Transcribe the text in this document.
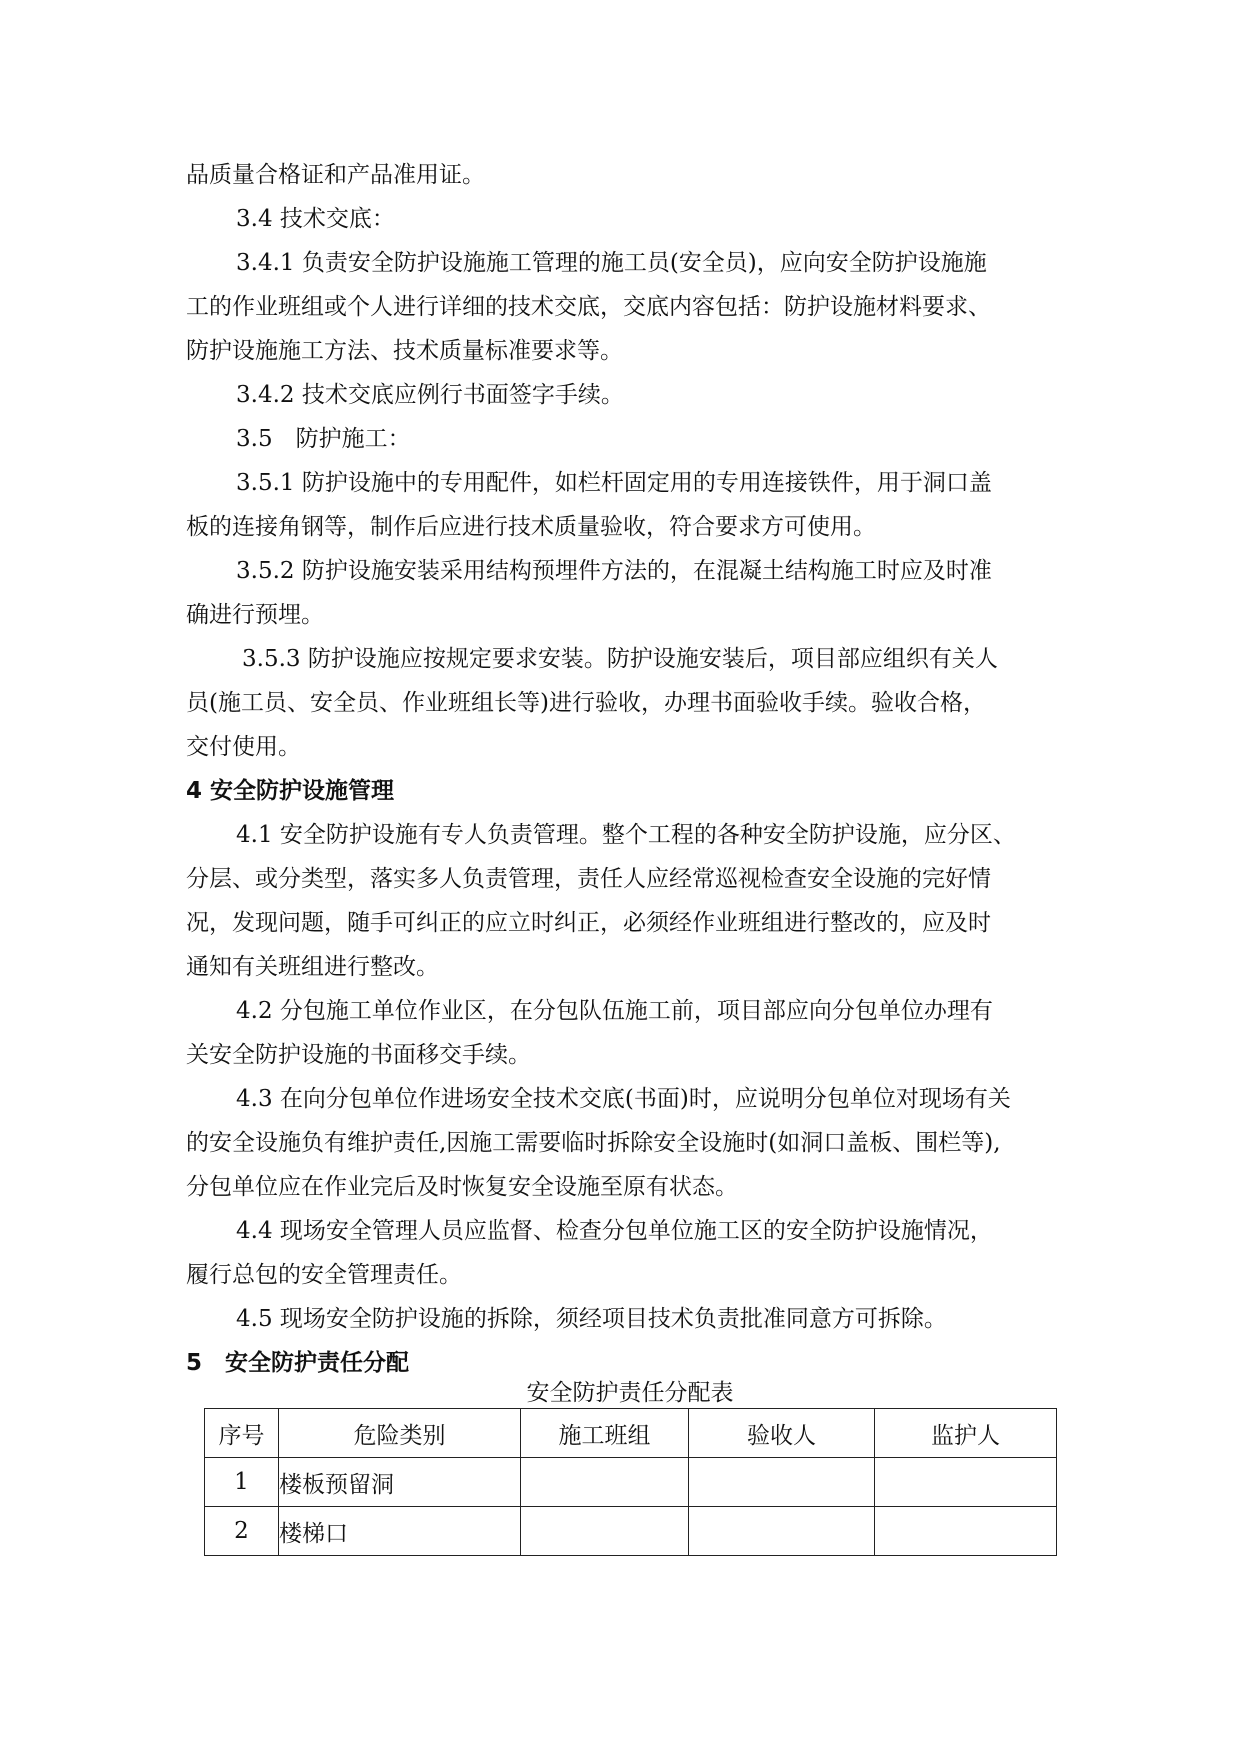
品质量合格证和产品准用证。
3.4 技术交底：
3.4.1 负责安全防护设施施工管理的施工员(安全员)，应向安全防护设施施
工的作业班组或个人进行详细的技术交底，交底内容包括：防护设施材料要求、
防护设施施工方法、技术质量标准要求等。
3.4.2 技术交底应例行书面签字手续。
3.5　防护施工：
3.5.1 防护设施中的专用配件，如栏杆固定用的专用连接铁件，用于洞口盖
板的连接角钢等，制作后应进行技术质量验收，符合要求方可使用。
3.5.2 防护设施安装采用结构预埋件方法的，在混凝土结构施工时应及时准
确进行预埋。
3.5.3 防护设施应按规定要求安装。防护设施安装后，项目部应组织有关人
员(施工员、安全员、作业班组长等)进行验收，办理书面验收手续。验收合格，
交付使用。
4 安全防护设施管理
4.1 安全防护设施有专人负责管理。整个工程的各种安全防护设施，应分区、
分层、或分类型，落实多人负责管理，责任人应经常巡视检查安全设施的完好情
况，发现问题，随手可纠正的应立时纠正，必须经作业班组进行整改的，应及时
通知有关班组进行整改。
4.2 分包施工单位作业区，在分包队伍施工前，项目部应向分包单位办理有
关安全防护设施的书面移交手续。
4.3 在向分包单位作进场安全技术交底(书面)时，应说明分包单位对现场有关
的安全设施负有维护责任,因施工需要临时拆除安全设施时(如洞口盖板、围栏等),
分包单位应在作业完后及时恢复安全设施至原有状态。
4.4 现场安全管理人员应监督、检查分包单位施工区的安全防护设施情况，
履行总包的安全管理责任。
4.5 现场安全防护设施的拆除，须经项目技术负责批准同意方可拆除。
5　安全防护责任分配
安全防护责任分配表
序号	危险类别	施工班组	验收人	监护人
1	楼板预留洞			
2	楼梯口			
